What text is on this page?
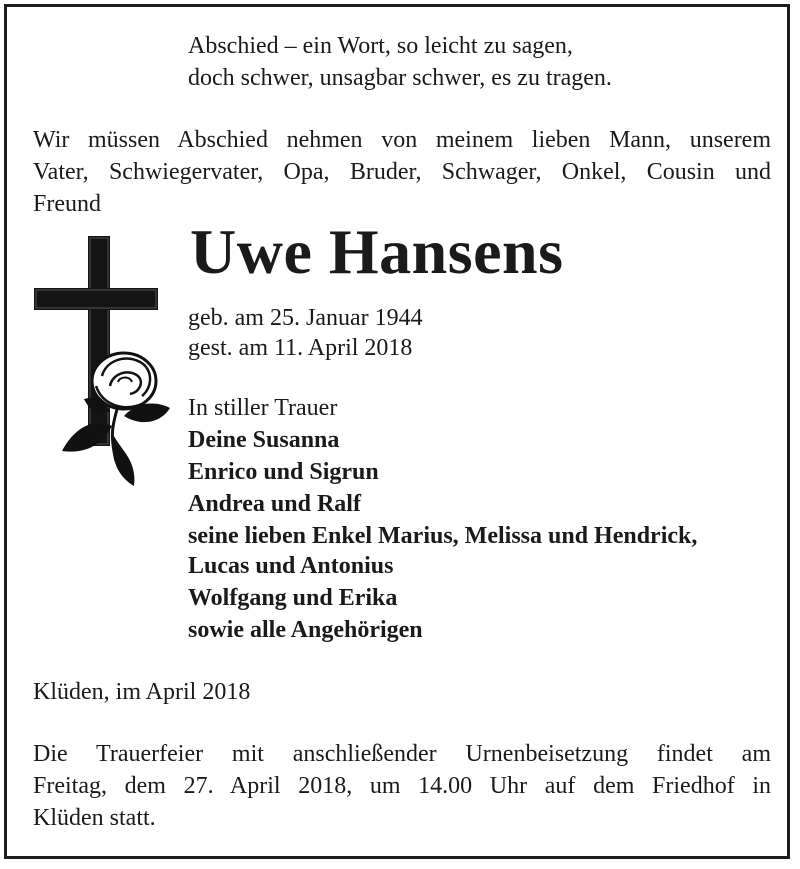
Abschied – ein Wort, so leicht zu sagen,
doch schwer, unsagbar schwer, es zu tragen.
Wir müssen Abschied nehmen von meinem lieben Mann, unserem
Vater, Schwiegervater, Opa, Bruder, Schwager, Onkel, Cousin und
Freund
Uwe Hansens
geb. am 25. Januar 1944
gest. am 11. April 2018
In stiller Trauer
Deine Susanna
Enrico und Sigrun
Andrea und Ralf
seine lieben Enkel Marius, Melissa und Hendrick,
Lucas und Antonius
Wolfgang und Erika
sowie alle Angehörigen
Klüden, im April 2018
Die Trauerfeier mit anschließender Urnenbeisetzung findet am
Freitag, dem 27. April 2018, um 14.00 Uhr auf dem Friedhof in
Klüden statt.
